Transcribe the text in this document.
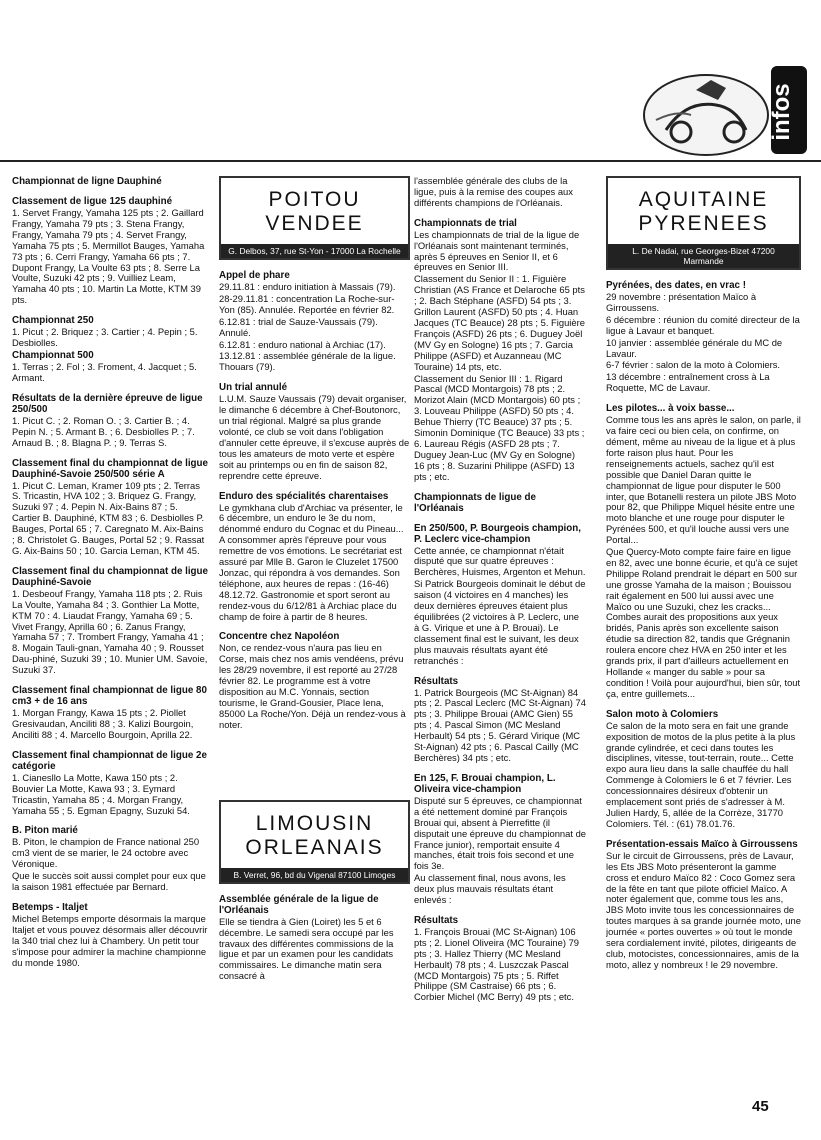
infos
Championnat de ligne Dauphiné
Classement de ligue 125 dauphiné

1. Servet Frangy, Yamaha 125 pts ; 2. Gaillard Frangy, Yamaha 79 pts ; 3. Stena Frangy, Frangy, Yamaha 79 pts ; 4. Servet Frangy, Yamaha 75 pts ; 5. Mermillot Bauges, Yamaha 73 pts ; 6. Cerri Frangy, Yamaha 66 pts ; 7. Dupont Frangy, La Voulte 63 pts ; 8. Serre La Voulte, Suzuki 42 pts ; 9. Vuilliez Leam, Yamaha 40 pts ; 10. Martin La Motte, KTM 39 pts.

Championnat 250

1. Picut ; 2. Briquez ; 3. Cartier ; 4. Pepin ; 5. Desbiolles.

Championnat 500

1. Terras ; 2. Fol ; 3. Froment, 4. Jacquet ; 5. Armant.

Résultats de la dernière épreuve de ligue 250/500

1. Picut C. ; 2. Roman O. ; 3. Cartier B. ; 4. Pepin N. ; 5. Armant B. ; 6. Desbiolles P. ; 7. Arnaud B. ; 8. Blagna P. ; 9. Terras S.

Classement final du championnat de ligue Dauphiné-Savoie 250/500 série A

1. Picut C. Leman, Kramer 109 pts ; 2. Terras S. Tricastin, HVA 102 ; 3. Briquez G. Frangy, Suzuki 97 ; 4. Pepin N. Aix-Bains 87 ; 5. Cartier B. Dauphiné, KTM 83 ; 6. Desbiolles P. Bauges, Portal 65 ; 7. Caregnato M. Aix-Bains ; 8. Christolet G. Bauges, Portal 52 ; 9. Rassat G. Aix-Bains 50 ; 10. Garcia Leman, KTM 45.

Classement final du championnat de ligue Dauphiné-Savoie

1. Desbeouf Frangy, Yamaha 118 pts ; 2. Ruis La Voulte, Yamaha 84 ; 3. Gonthier La Motte, KTM 70 : 4. Liaudat Frangy, Yamaha 69 ; 5. Vivet Frangy, Aprilla 60 ; 6. Zanus Frangy, Yamaha 57 ; 7. Trombert Frangy, Yamaha 41 ; 8. Mogain Tauli-gnan, Yamaha 40 ; 9. Rousset Dau-phiné, Suzuki 39 ; 10. Munier UM. Savoie, Suzuki 37.

Classement final championnat de ligue 80 cm3 + de 16 ans

1. Morgan Frangy, Kawa 15 pts ; 2. Piollet Gresivaudan, Anciliti 88 ; 3. Kalizi Bourgoin, Anciliti 88 ; 4. Marcello Bourgoin, Aprilla 22.

Classement final championnat de ligue 2e catégorie

1. Cianesllo La Motte, Kawa 150 pts ; 2. Bouvier La Motte, Kawa 93 ; 3. Eymard Tricastin, Yamaha 85 ; 4. Morgan Frangy, Yamaha 55 ; 5. Egman Epagny, Suzuki 54.

B. Piton marié

B. Piton, le champion de France national 250 cm3 vient de se marier, le 24 octobre avec Véronique.

Que le succès soit aussi complet pour eux que la saison 1981 effectuée par Bernard.

Betemps - Italjet

Michel Betemps emporte désormais la marque Italjet et vous pouvez désormais aller découvrir la 340 trial chez lui à Chambery. Un petit tour s'impose pour admirer la machine championne du monde 1980.

POITOU VENDEE
G. Delbos, 37, rue St-Yon - 17000 La Rochelle
Appel de phare

29.11.81 : enduro initiation à Massais (79).

28-29.11.81 : concentration La Roche-sur-Yon (85). Annulée. Reportée en février 82.

6.12.81 : trial de Sauze-Vaussais (79). Annulé.

6.12.81 : enduro national à Archiac (17).

13.12.81 : assemblée générale de la ligue. Thouars (79).

Un trial annulé

L.U.M. Sauze Vaussais (79) devait organiser, le dimanche 6 décembre à Chef-Boutonorc, un trial régional. Malgré sa plus grande volonté, ce club se voit dans l'obligation d'annuler cette épreuve, il s'excuse auprès de tous les amateurs de moto verte et espère soit au printemps ou en fin de saison 82, reprendre cette épreuve.

Enduro des spécialités charentaises

Le gymkhana club d'Archiac va présenter, le 6 décembre, un enduro le 3e du nom, dénommé enduro du Cognac et du Pineau... A consommer après l'épreuve pour vous remettre de vos émotions. Le secrétariat est assuré par Mlle B. Garon le Cluzelet 17500 Jonzac, qui répondra à vos demandes. Son téléphone, aux heures de repas : (16-46) 48.12.72. Gastronomie et sport seront au rendez-vous du 6/12/81 à Archiac place du champ de foire à partir de 8 heures.

Concentre chez Napoléon

Non, ce rendez-vous n'aura pas lieu en Corse, mais chez nos amis vendéens, prévu les 28/29 novembre, il est reporté au 27/28 février 82. Le programme est à votre disposition au M.C. Yonnais, section tourisme, le Grand-Gousier, Place Iena, 85000 La Roche/Yon. Déjà un rendez-vous à noter.

LIMOUSIN ORLEANAIS
B. Verret, 96, bd du Vigenal 87100 Limoges
Assemblée générale de la ligue de l'Orléanais

Elle se tiendra à Gien (Loiret) les 5 et 6 décembre. Le samedi sera occupé par les travaux des différentes commissions de la ligue et par un examen pour les candidats commissaires. Le dimanche matin sera consacré à

l'assemblée générale des clubs de la ligue, puis à la remise des coupes aux différents champions de l'Orléanais.

Championnats de trial

Les championnats de trial de la ligue de l'Orléanais sont maintenant terminés, après 5 épreuves en Senior II, et 6 épreuves en Senior III.

Classement du Senior II : 1. Figuière Christian (AS France et Delaroche 65 pts ; 2. Bach Stéphane (ASFD) 54 pts ; 3. Grillon Laurent (ASFD) 50 pts ; 4. Huan Jacques (TC Beauce) 28 pts ; 5. Figuière François (ASFD) 26 pts ; 6. Duguey Joël (MV Gy en Sologne) 16 pts ; 7. Garcia Philippe (ASFD) et Auzanneau (MC Touraine) 14 pts, etc.

Classement du Senior III : 1. Rigard Pascal (MCD Montargois) 78 pts ; 2. Morizot Alain (MCD Montargois) 60 pts ; 3. Louveau Philippe (ASFD) 50 pts ; 4. Behue Thierry (TC Beauce) 37 pts ; 5. Simonin Dominique (TC Beauce) 33 pts ; 6. Laureau Régis (ASFD 28 pts ; 7. Duguey Jean-Luc (MV Gy en Sologne) 16 pts ; 8. Suzarini Philippe (ASFD) 13 pts ; etc.

Championnats de ligue de l'Orléanais
En 250/500, P. Bourgeois champion, P. Leclerc vice-champion

Cette année, ce championnat n'était disputé que sur quatre épreuves : Berchères, Huismes, Argenton et Mehun.

Si Patrick Bourgeois dominait le début de saison (4 victoires en 4 manches) les deux dernières épreuves étaient plus équilibrées (2 victoires à P. Leclerc, une à G. Virique et une à P. Brouai). Le classement final est le suivant, les deux plus mauvais résultats ayant été retranchés :

Résultats

1. Patrick Bourgeois (MC St-Aignan) 84 pts ; 2. Pascal Leclerc (MC St-Aignan) 74 pts ; 3. Philippe Brouai (AMC Gien) 55 pts ; 4. Pascal Simon (MC Mesland Herbault) 54 pts ; 5. Gérard Virique (MC St-Aignan) 42 pts ; 6. Pascal Cailly (MC Berchères) 34 pts ; etc.

En 125, F. Brouai champion, L. Oliveira vice-champion

Disputé sur 5 épreuves, ce championnat a été nettement dominé par François Brouai qui, absent à Pierrefitte (il disputait une épreuve du championnat de France junior), remportait ensuite 4 manches, était trois fois second et une fois 3e.

Au classement final, nous avons, les deux plus mauvais résultats étant enlevés :

Résultats

1. François Brouai (MC St-Aignan) 106 pts ; 2. Lionel Oliveira (MC Touraine) 79 pts ; 3. Hallez Thierry (MC Mesland Herbault) 78 pts ; 4. Luszczak Pascal (MCD Montargois) 75 pts ; 5. Riffet Philippe (SM Castraise) 66 pts ; 6. Corbier Michel (MC Berry) 49 pts ; etc.

AQUITAINE PYRENEES
L. De Nadai, rue Georges-Bizet 47200 Marmande
Pyrénées, des dates, en vrac !

29 novembre : présentation Maïco à Girroussens.

6 décembre : réunion du comité directeur de la ligue à Lavaur et banquet.

10 janvier : assemblée générale du MC de Lavaur.

6-7 février : salon de la moto à Colomiers.

13 décembre : entraînement cross à La Roquette, MC de Lavaur.

Les pilotes... à voix basse...

Comme tous les ans après le salon, on parle, il va faire ceci ou bien cela, on confirme, on dément, même au niveau de la ligue et à plus forte raison plus haut. Pour les renseignements actuels, sachez qu'il est possible que Daniel Daran quitte le championnat de ligue pour disputer le 500 inter, que Botanelli restera un pilote JBS Moto pour 82, que Philippe Miquel hésite entre une moto blanche et une rouge pour disputer le Pyrénées 500, et qu'il louche aussi vers une Portal...

Que Quercy-Moto compte faire faire en ligue en 82, avec une bonne écurie, et qu'à ce sujet Philippe Roland prendrait le départ en 500 sur une grosse Yamaha de la maison ; Bouissou rait également en 500 lui aussi avec une Maïco ou une Suzuki, chez les cracks... Combes aurait des propositions aux yeux bridés, Panis après son excellente saison étudie sa direction 82, tandis que Grégnanin roulera encore chez HVA en 250 inter et les grands prix, il part d'ailleurs actuellement en Hollande « manger du sable » pour sa condition ! Voilà pour aujourd'hui, bien sûr, tout ça, entre guillemets...

Salon moto à Colomiers

Ce salon de la moto sera en fait une grande exposition de motos de la plus petite à la plus grande cylindrée, et ceci dans toutes les disciplines, vitesse, tout-terrain, route... Cette expo aura lieu dans la salle chauffée du hall Commenge à Colomiers le 6 et 7 février. Les concessionnaires désireux d'obtenir un emplacement sont priés de s'adresser à M. Julien Hardy, 5, allée de la Corrèze, 31770 Colomiers. Tél. : (61) 78.01.76.

Présentation-essais Maïco à Girroussens

Sur le circuit de Girroussens, près de Lavaur, les Ets JBS Moto présenteront la gamme cross et enduro Maïco 82 : Coco Gomez sera de la fête en tant que pilote officiel Maïco. A noter également que, comme tous les ans, JBS Moto invite tous les concessionnaires de toutes marques à sa grande journée moto, une journée « portes ouvertes » où tout le monde sera cordialement invité, pilotes, dirigeants de club, motocistes, concessionnaires, amis de la moto, allez y nombreux ! le 29 novembre.

45
